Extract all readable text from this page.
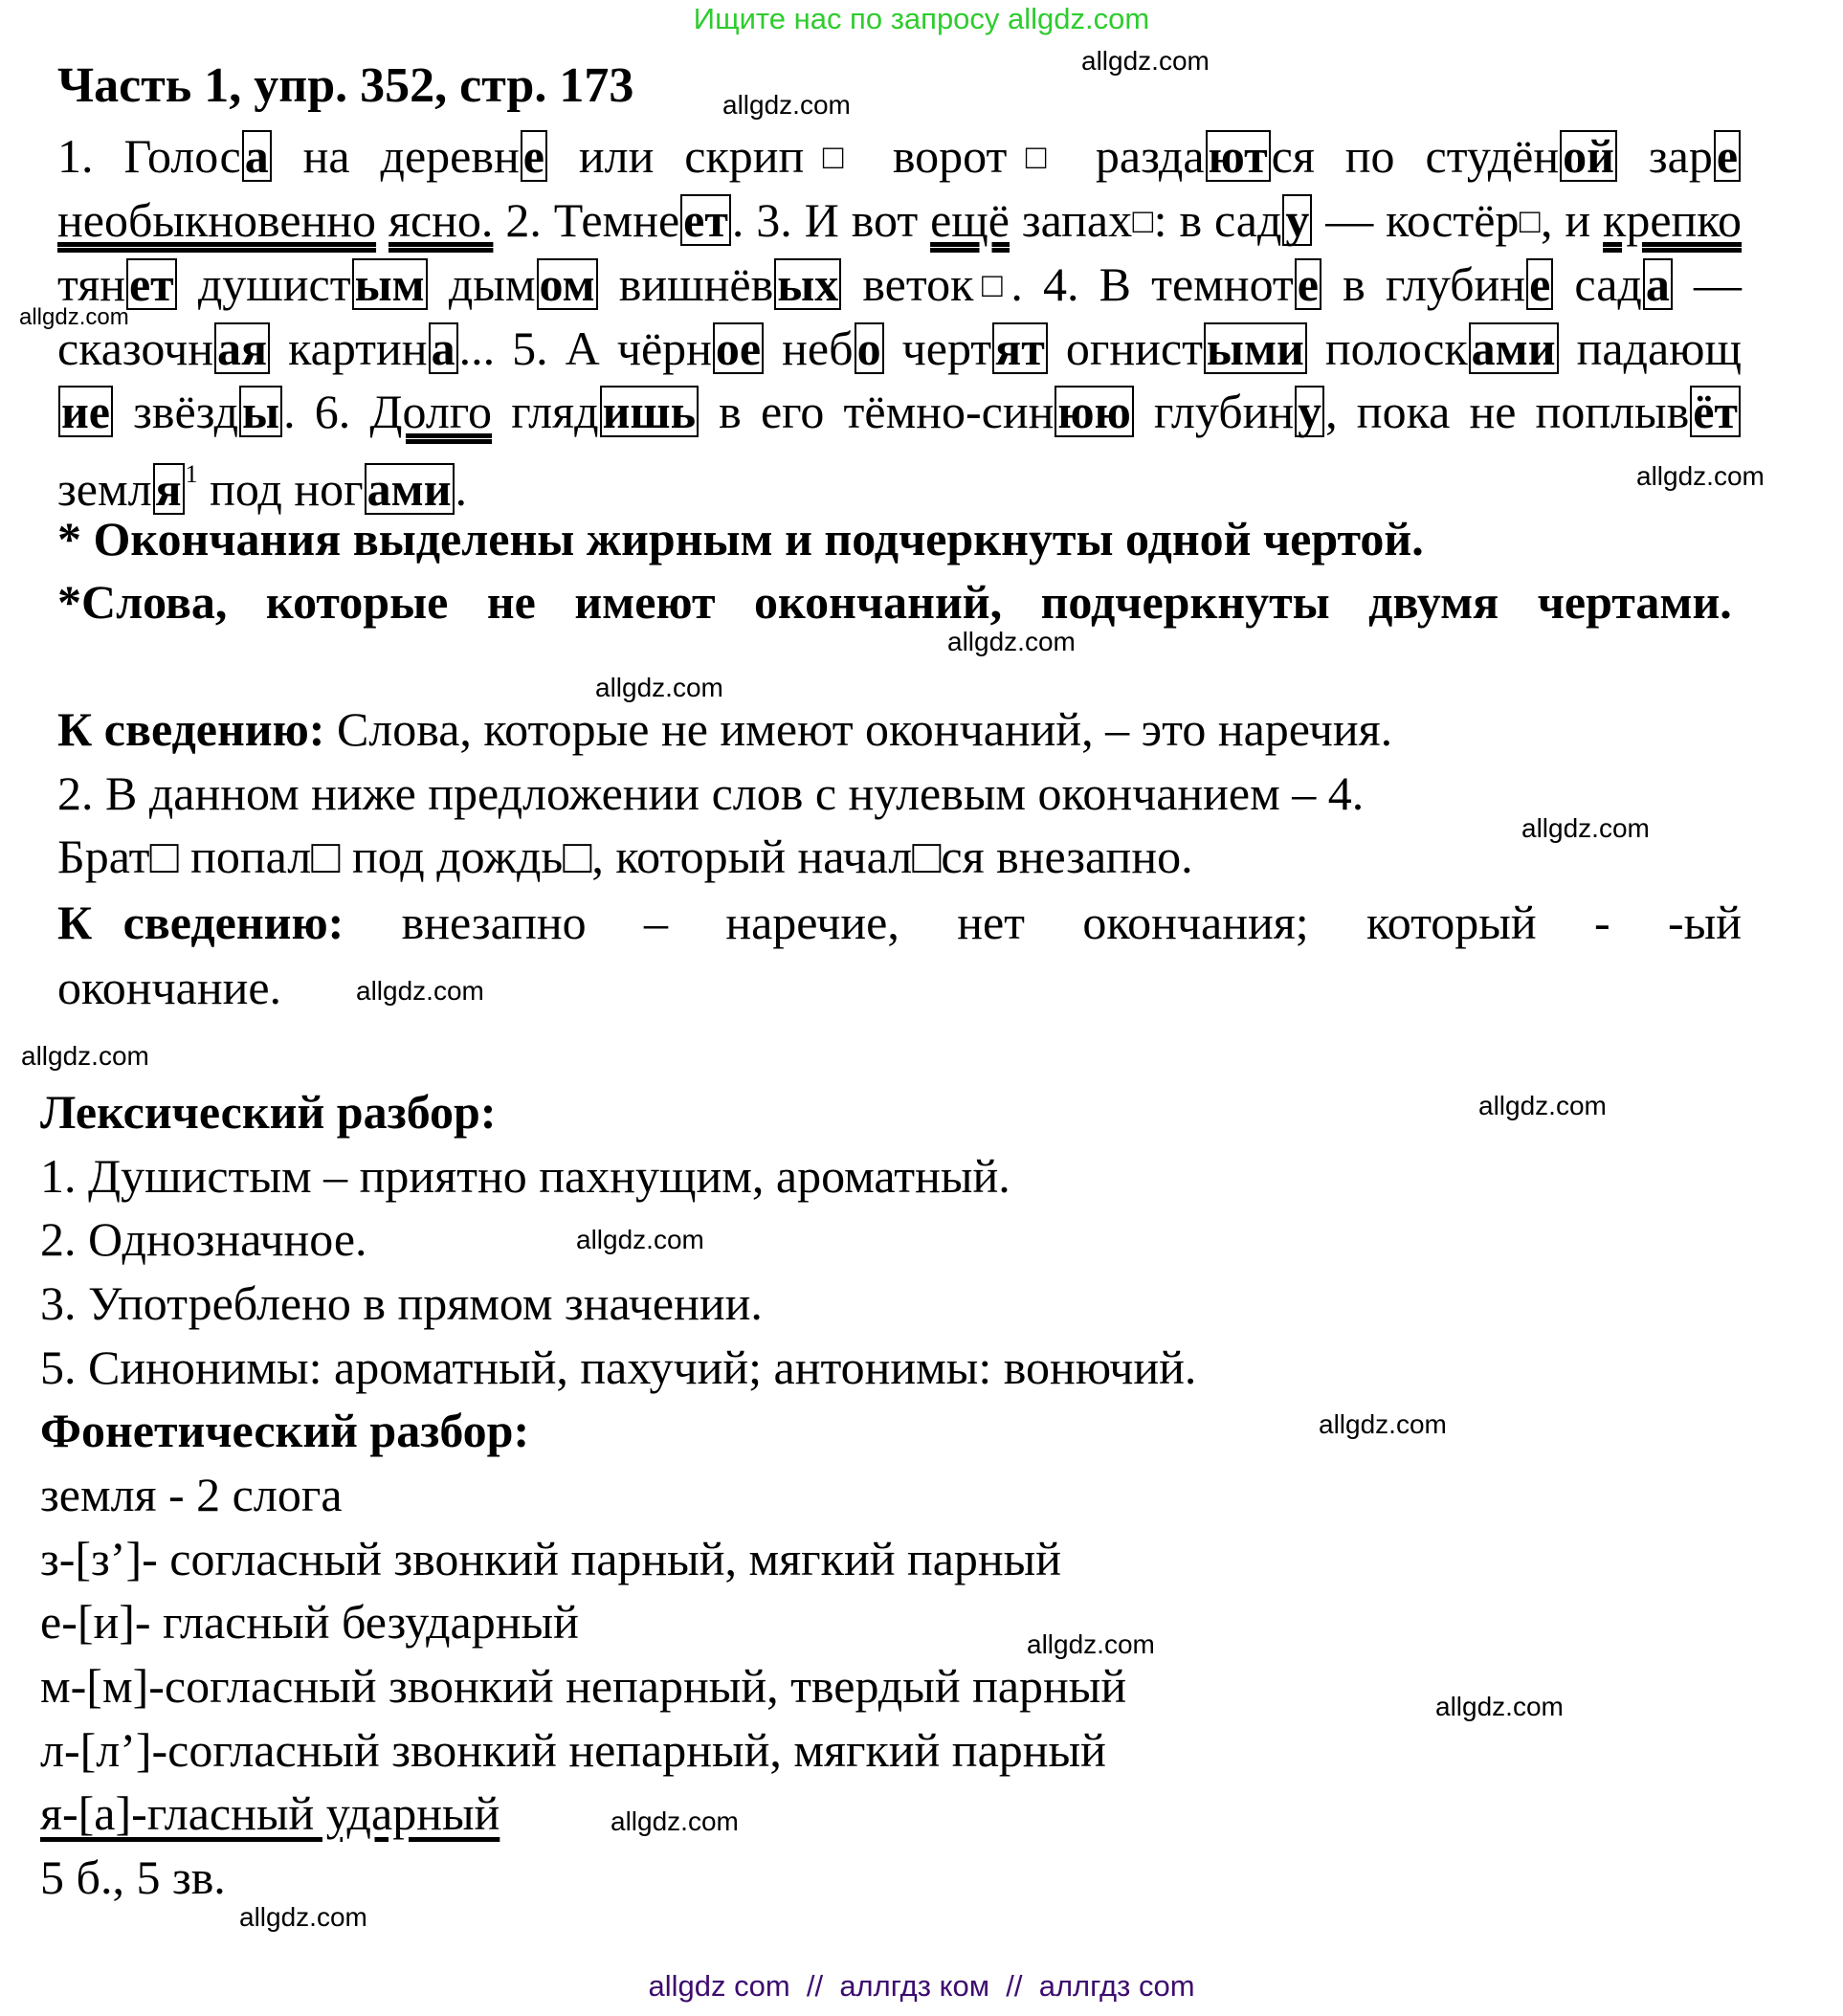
Ищите нас по запросу allgdz.com
Часть 1, упр. 352, стр. 173
1. Голоса на деревне или скрип□ ворот□ раздаются по студёной заре необыкновенно ясно. 2. Темнеет. 3. И вот ещё запах□: в саду — костёр□, и крепко тянет душистым дымом вишнёвых веток□. 4. В темноте в глубине сада — сказочная картина... 5. А чёрное небо чертят огнистыми полосками падающие звёзды. 6. Долго глядишь в его тёмно-синюю глубину, пока не поплывёт земля $^1$ под ногами.
* Окончания выделены жирным и подчеркнуты одной чертой.
*Слова, которые не имеют окончаний, подчеркнуты двумя чертами.
К сведению: Слова, которые не имеют окончаний, – это наречия.
2. В данном ниже предложении слов с нулевым окончанием – 4.
Брат□ попал□ под дождь□, который начал□ся внезапно.
К сведению: внезапно – наречие, нет окончания; который - -ый окончание.
Лексический разбор:
1. Душистым – приятно пахнущим, ароматный.
2. Однозначное.
3. Употреблено в прямом значении.
5. Синонимы: ароматный, пахучий; антонимы: вонючий.
Фонетический разбор:
земля - 2 слога
з-[з’]- согласный звонкий парный, мягкий парный
е-[и]- гласный безударный
м-[м]-согласный звонкий непарный, твердый парный
л-[л’]-согласный звонкий непарный, мягкий парный
я-[а]-гласный ударный
5 б., 5 зв.
allgdz.com
allgdz.com
allgdz.com
allgdz.com
allgdz.com
allgdz.com
allgdz.com
allgdz.com
allgdz.com
allgdz.com
allgdz.com
allgdz.com
allgdz.com
allgdz.com
allgdz.com
allgdz.com
allgdz com  //  аллгдз ком  //  аллгдз com
